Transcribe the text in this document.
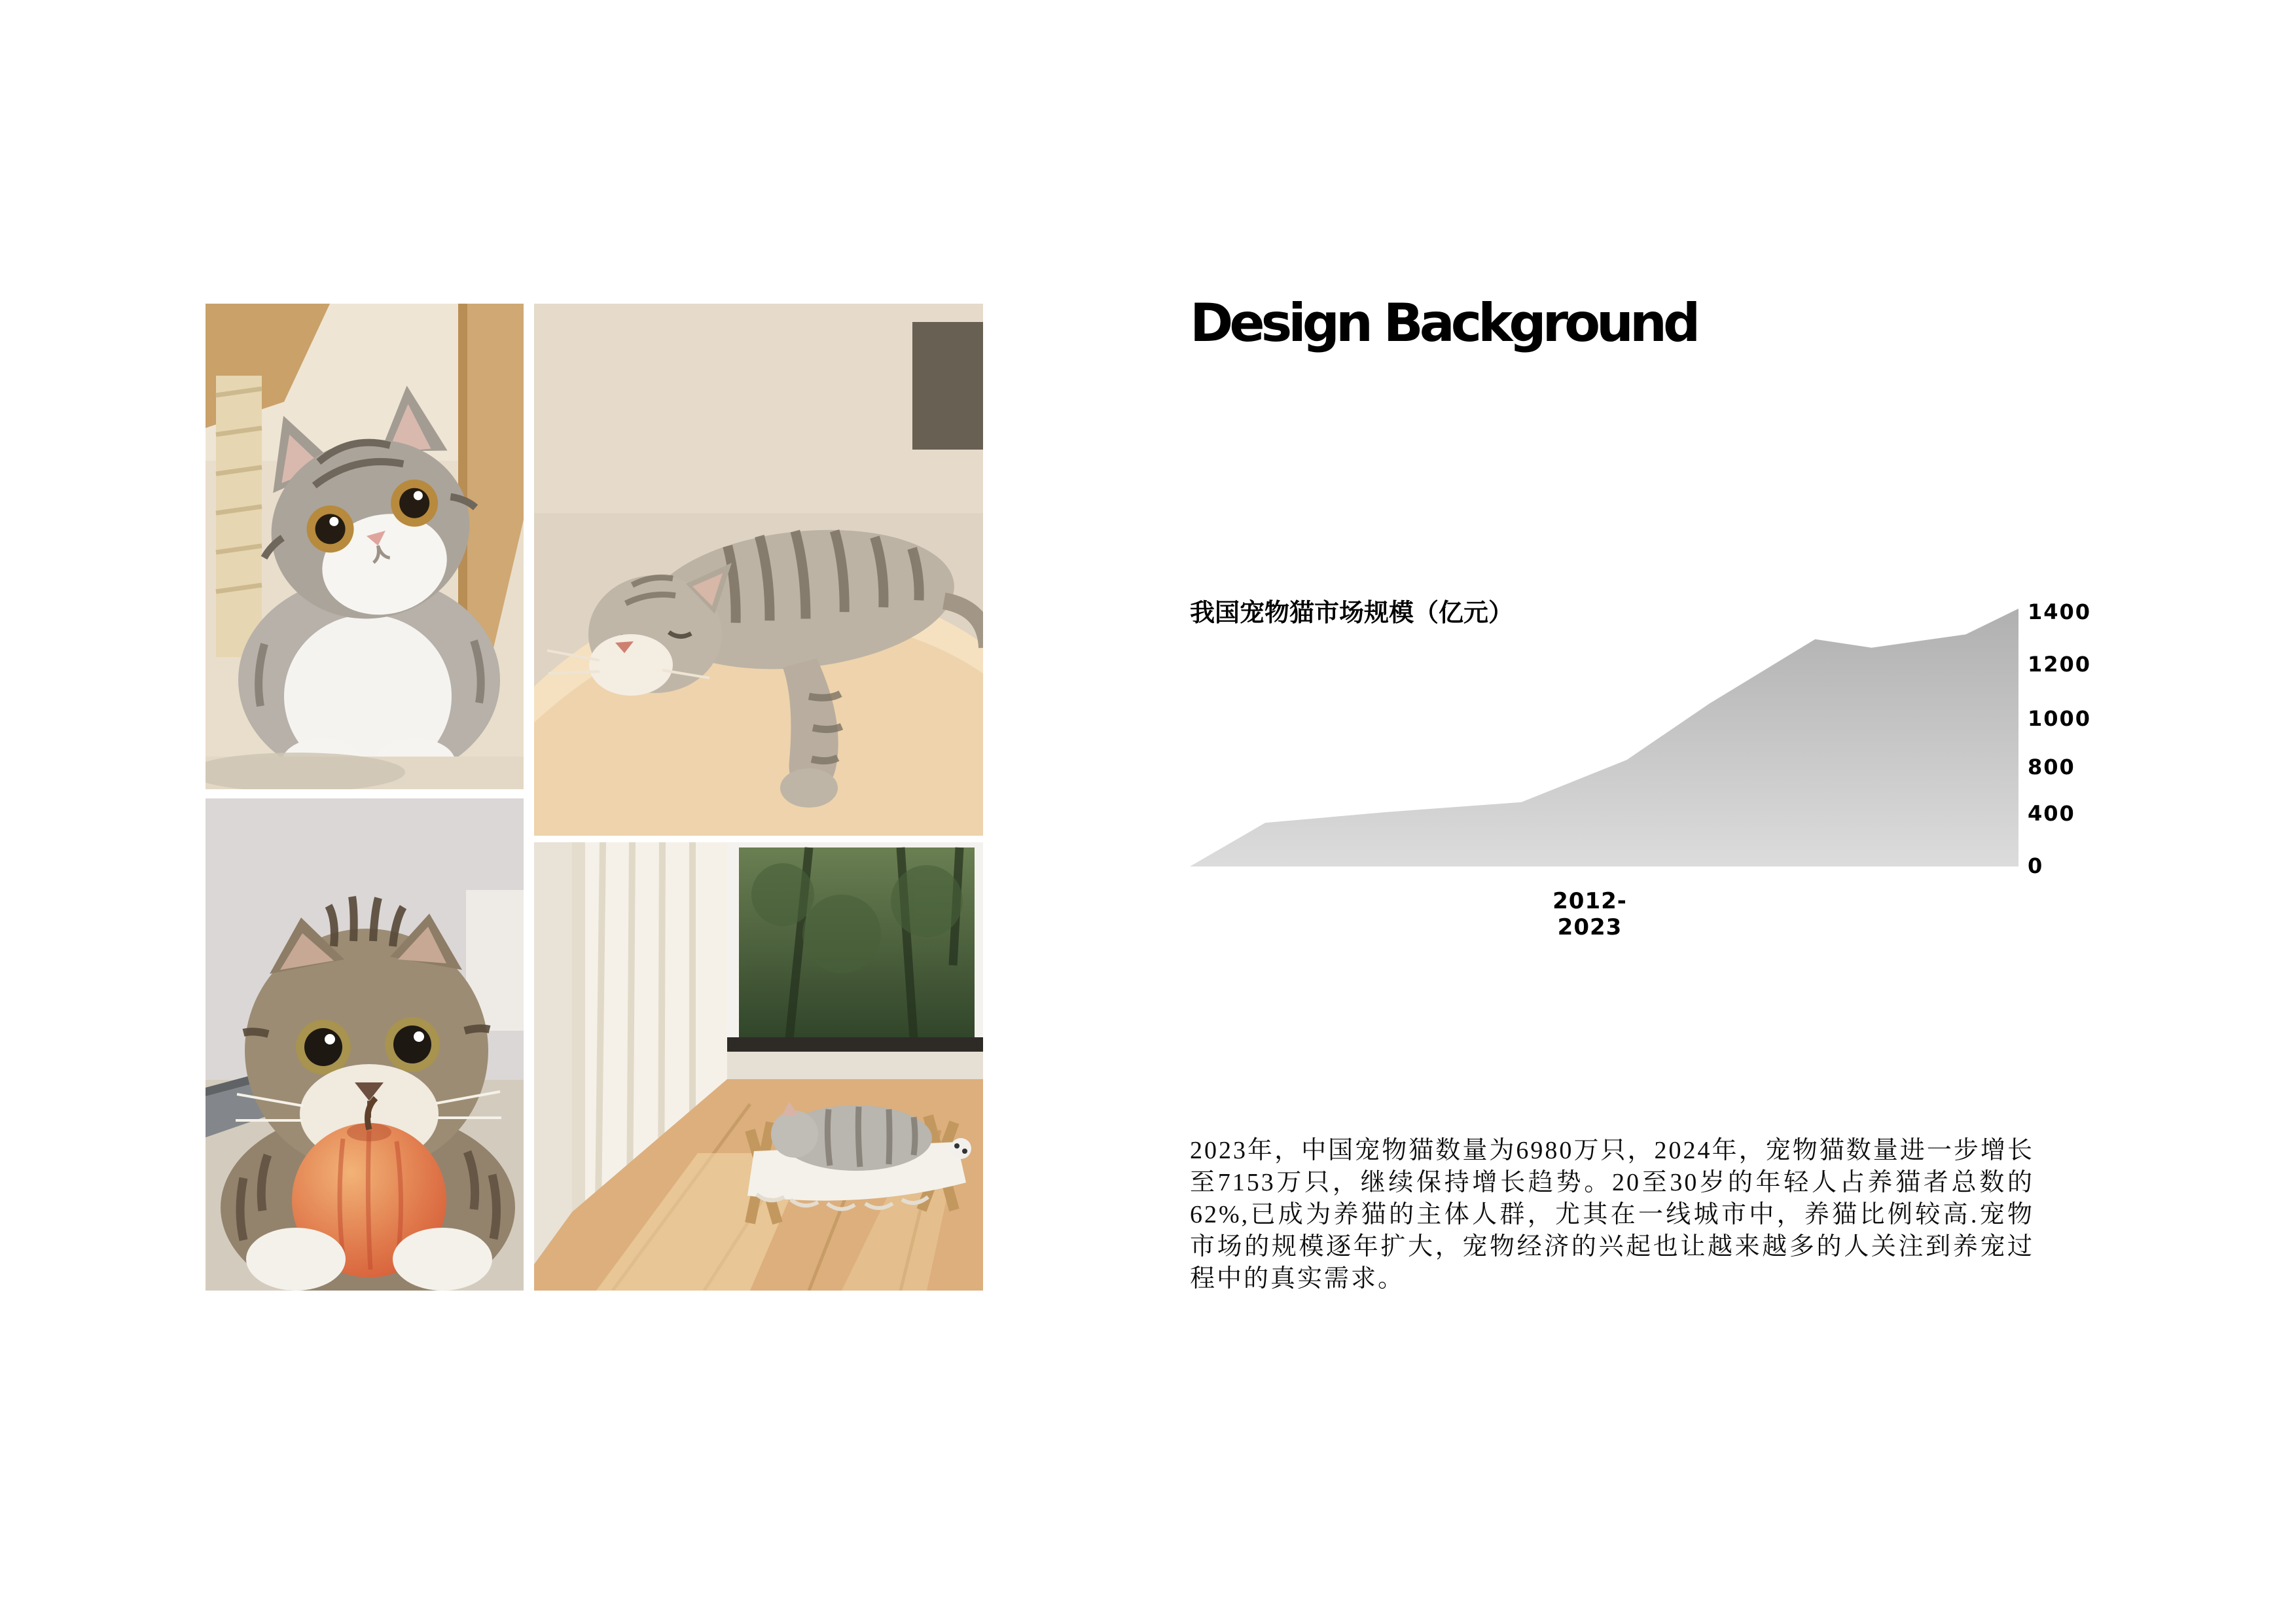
Design Background
我国宠物猫市场规模（亿元）	1400
1200
1000
800
400
0
2012-2023

2023年，中国宠物猫数量为6980万只，2024年，宠物猫数量进一步增长至7153万只，继续保持增长趋势。20至30岁的年轻人占养猫者总数的62%,已成为养猫的主体人群，尤其在一线城市中，养猫比例较高.宠物市场的规模逐年扩大，宠物经济的兴起也让越来越多的人关注到养宠过程中的真实需求。
